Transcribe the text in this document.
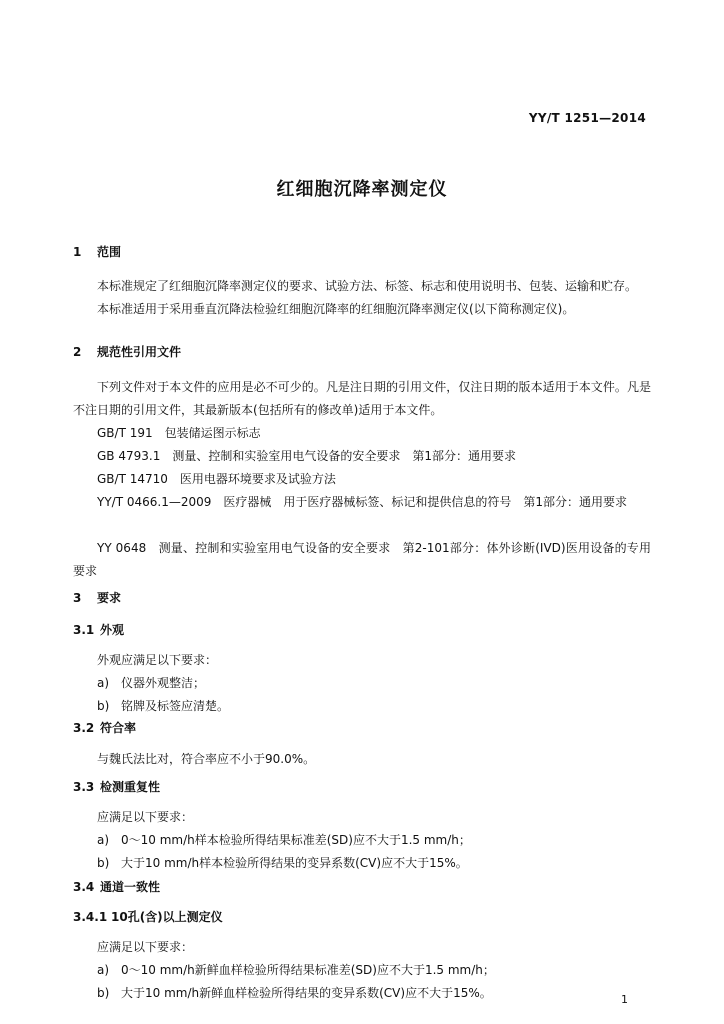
YY/T 1251—2014
红细胞沉降率测定仪
1 范围
本标准规定了红细胞沉降率测定仪的要求、试验方法、标签、标志和使用说明书、包装、运输和贮存。
本标准适用于采用垂直沉降法检验红细胞沉降率的红细胞沉降率测定仪(以下简称测定仪)。
2 规范性引用文件
下列文件对于本文件的应用是必不可少的。凡是注日期的引用文件，仅注日期的版本适用于本文件。凡是不注日期的引用文件，其最新版本(包括所有的修改单)适用于本文件。
GB/T 191　包装储运图示标志
GB 4793.1　测量、控制和实验室用电气设备的安全要求　第1部分：通用要求
GB/T 14710　医用电器环境要求及试验方法
YY/T 0466.1—2009　医疗器械　用于医疗器械标签、标记和提供信息的符号　第1部分：通用要求
YY 0648　测量、控制和实验室用电气设备的安全要求　第2-101部分：体外诊断(IVD)医用设备的专用要求
3 要求
3.1 外观
外观应满足以下要求：
a) 仪器外观整洁；
b) 铭牌及标签应清楚。
3.2 符合率
与魏氏法比对，符合率应不小于90.0%。
3.3 检测重复性
应满足以下要求：
a) 0～10 mm/h样本检验所得结果标准差(SD)应不大于1.5 mm/h；
b) 大于10 mm/h样本检验所得结果的变异系数(CV)应不大于15%。
3.4 通道一致性
3.4.1 10孔(含)以上测定仪
应满足以下要求：
a) 0～10 mm/h新鲜血样检验所得结果标准差(SD)应不大于1.5 mm/h；
b) 大于10 mm/h新鲜血样检验所得结果的变异系数(CV)应不大于15%。	1
